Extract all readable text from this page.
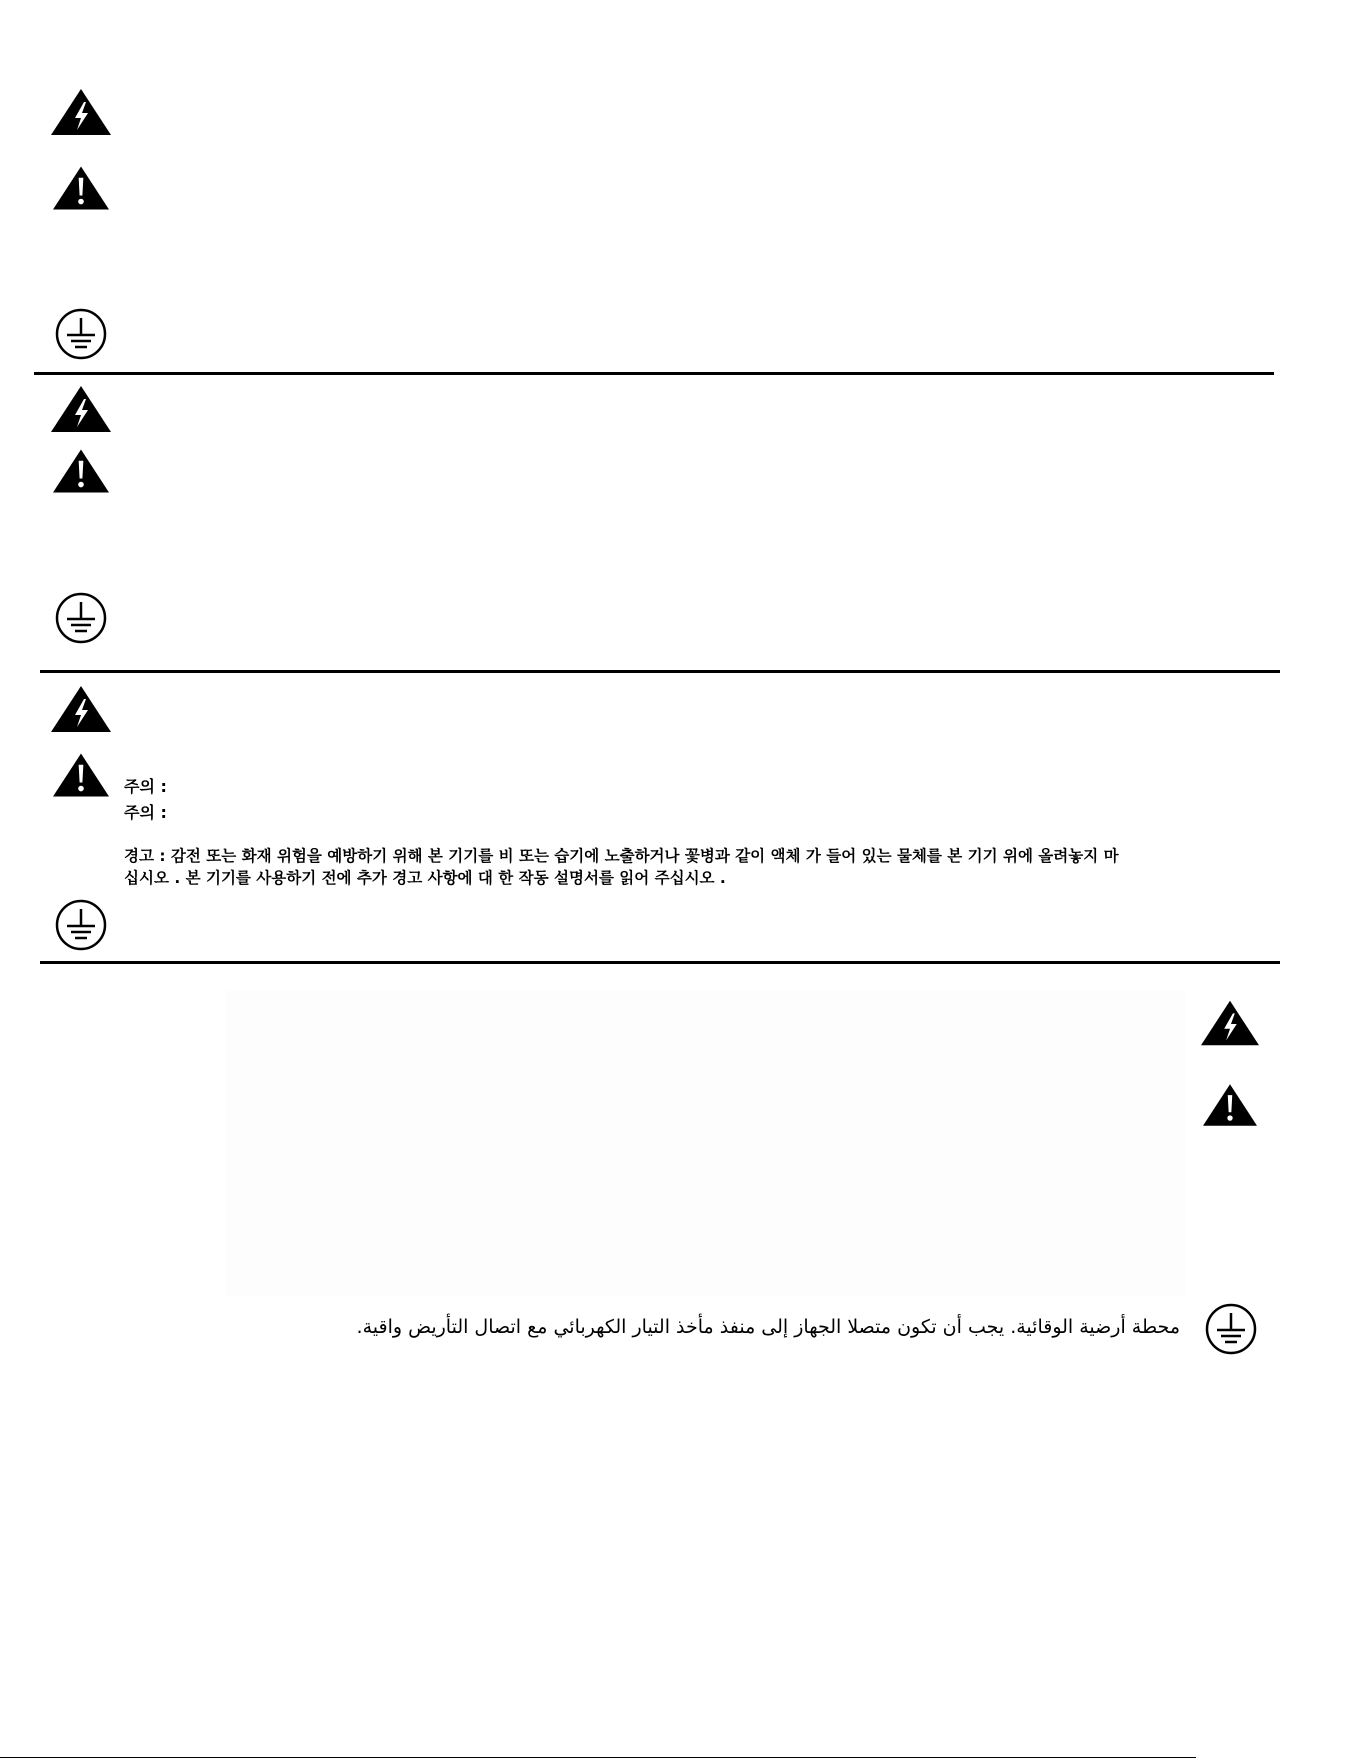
주의 :
주의 :
경고 : 감전 또는 화재 위험을 예방하기 위해 본 기기를 비 또는 습기에 노출하거나 꽃병과 같이 액체 가 들어 있는 물체를 본 기기 위에 올려놓지 마
십시오 . 본 기기를 사용하기 전에 추가 경고 사항에 대 한 작동 설명서를 읽어 주십시오 .
محطة أرضية الوقائية. يجب أن تكون متصلا الجهاز إلى منفذ مأخذ التيار الكهربائي مع اتصال التأريض واقية.
